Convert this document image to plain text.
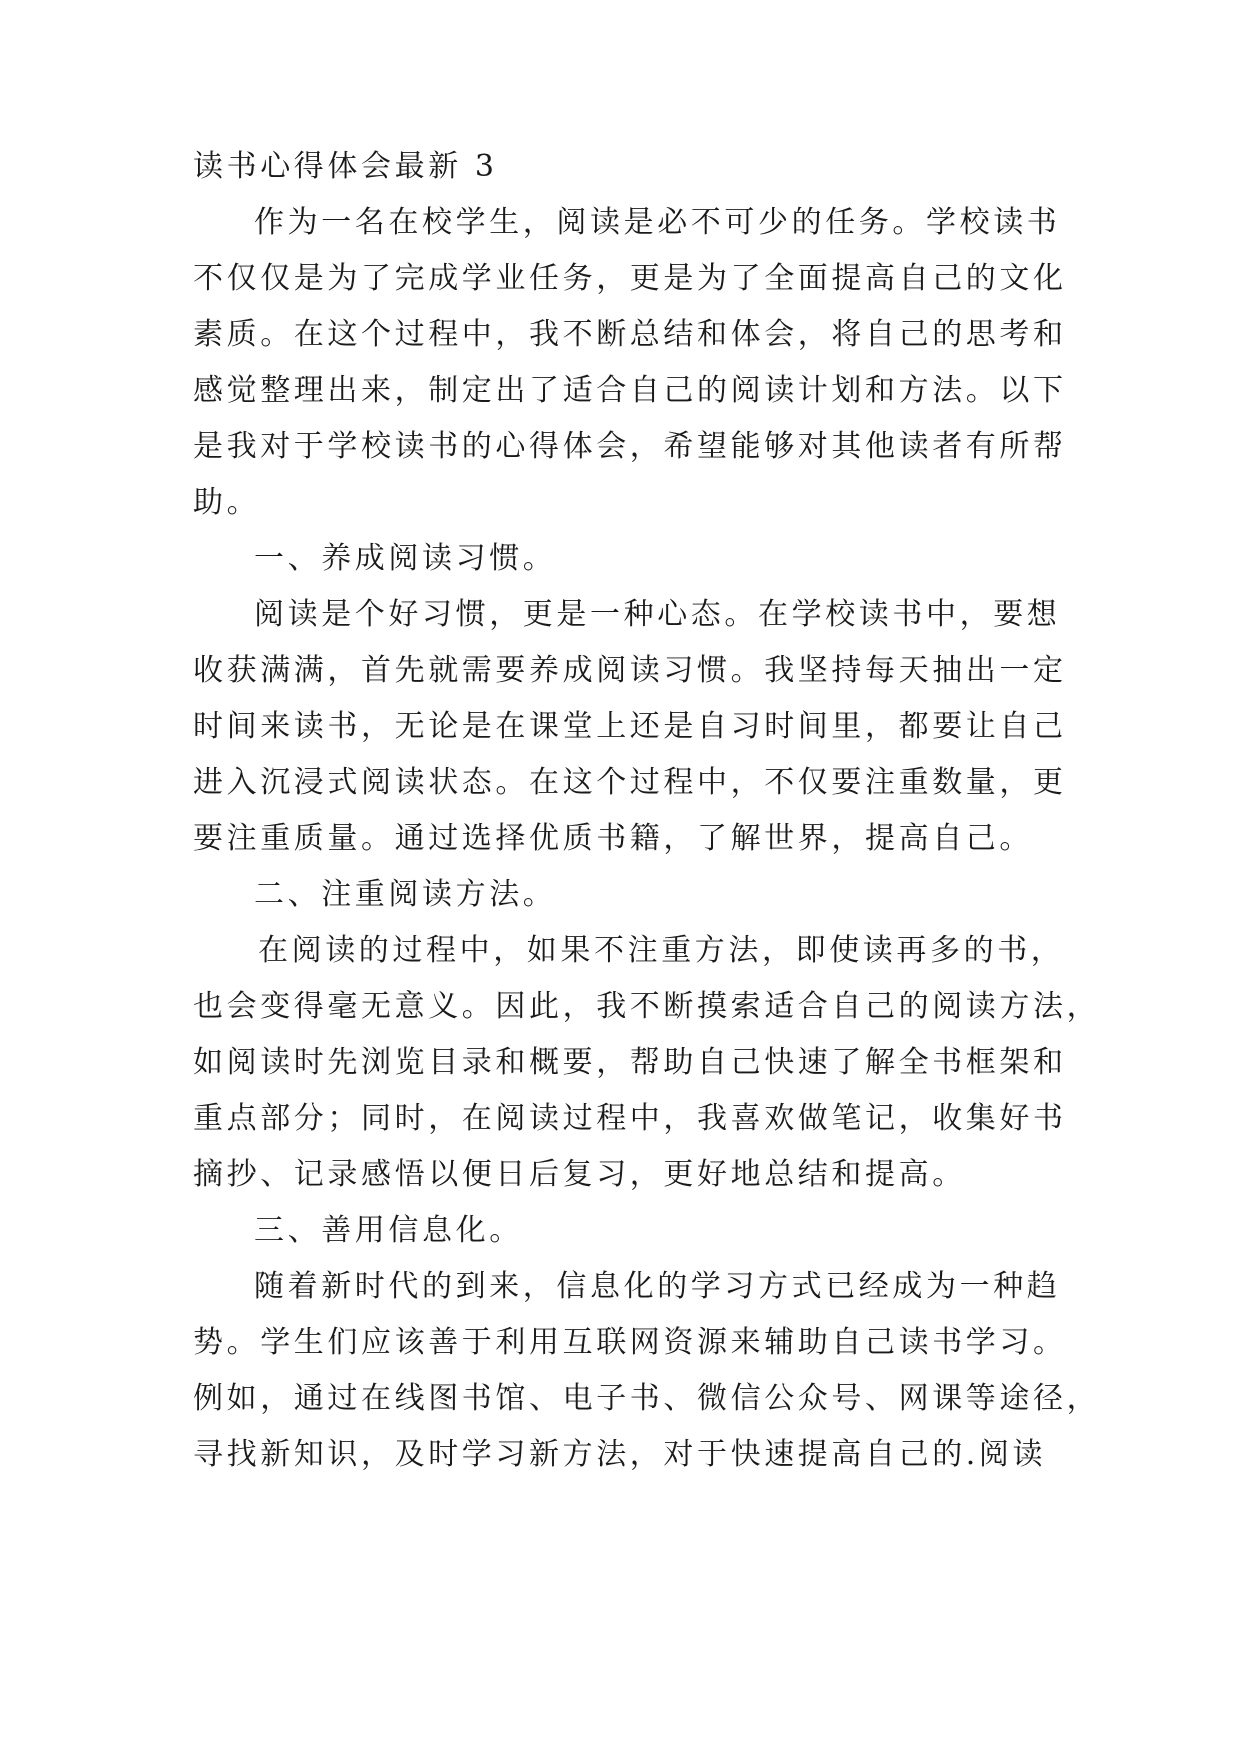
读书心得体会最新 3
作为一名在校学生，阅读是必不可少的任务。学校读书
不仅仅是为了完成学业任务，更是为了全面提高自己的文化
素质。在这个过程中，我不断总结和体会，将自己的思考和
感觉整理出来，制定出了适合自己的阅读计划和方法。以下
是我对于学校读书的心得体会，希望能够对其他读者有所帮
助。
一、养成阅读习惯。
阅读是个好习惯，更是一种心态。在学校读书中，要想
收获满满，首先就需要养成阅读习惯。我坚持每天抽出一定
时间来读书，无论是在课堂上还是自习时间里，都要让自己
进入沉浸式阅读状态。在这个过程中，不仅要注重数量，更
要注重质量。通过选择优质书籍，了解世界，提高自己。
二、注重阅读方法。
在阅读的过程中，如果不注重方法，即使读再多的书，
也会变得毫无意义。因此，我不断摸索适合自己的阅读方法，
如阅读时先浏览目录和概要，帮助自己快速了解全书框架和
重点部分；同时，在阅读过程中，我喜欢做笔记，收集好书
摘抄、记录感悟以便日后复习，更好地总结和提高。
三、善用信息化。
随着新时代的到来，信息化的学习方式已经成为一种趋
势。学生们应该善于利用互联网资源来辅助自己读书学习。
例如，通过在线图书馆、电子书、微信公众号、网课等途径，
寻找新知识，及时学习新方法，对于快速提高自己的.阅读
